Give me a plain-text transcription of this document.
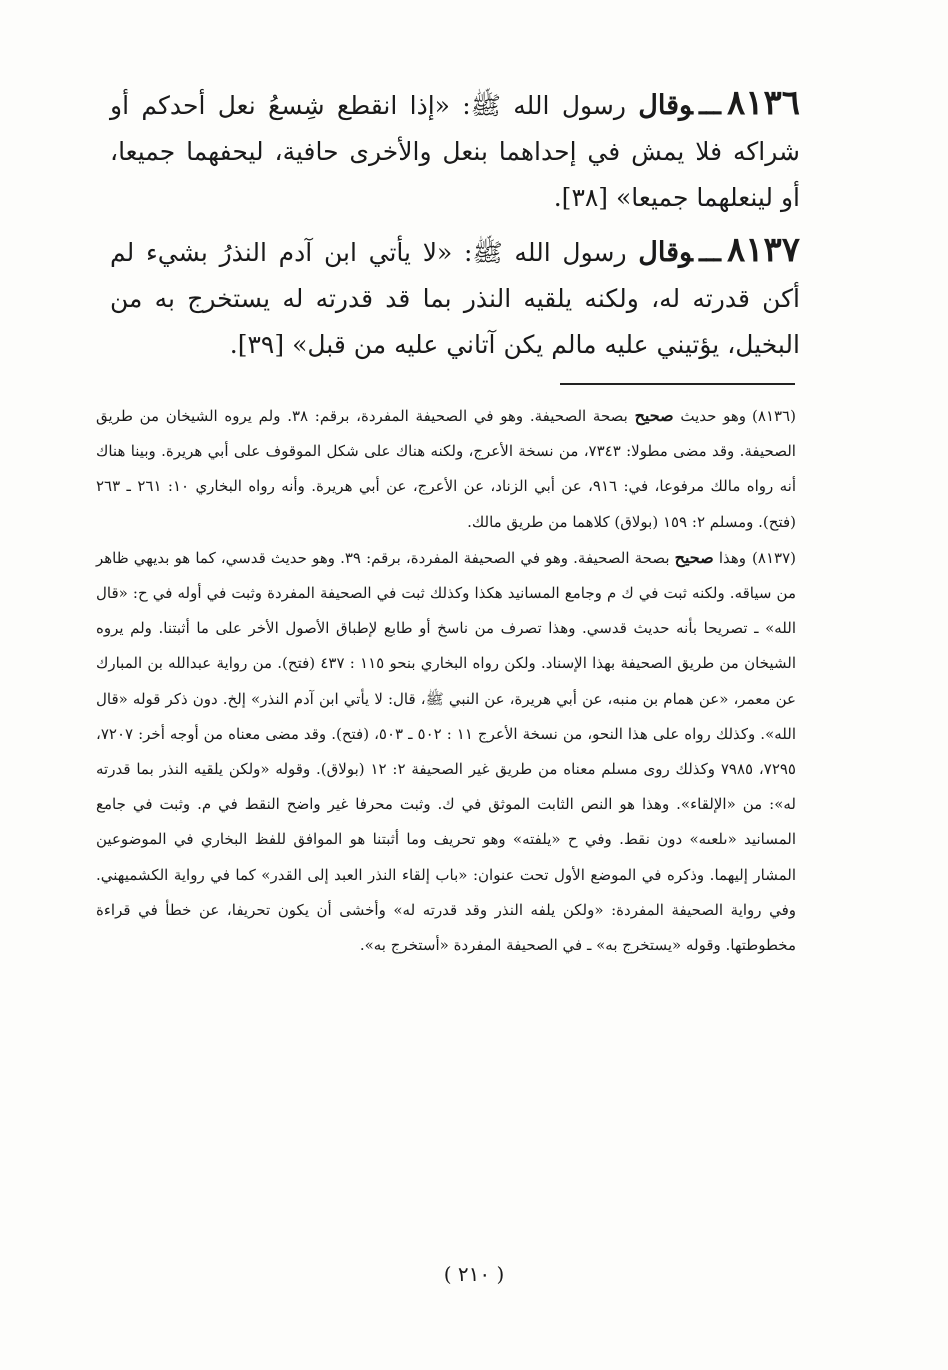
٨١٣٦ـــوقال رسول الله ﷺ: «إذا انقطع شِسعُ نعل أحدكم أو شراكه فلا يمش في إحداهما بنعل والأخرى حافية، ليحفهما جميعا، أو لينعلهما جميعا» [٣٨].

٨١٣٧ـــوقال رسول الله ﷺ: «لا يأتي ابن آدم النذرُ بشيء لم أكن قدرته له، ولكنه يلقيه النذر بما قد قدرته له يستخرج به من البخيل، يؤتيني عليه مالم يكن آتاني عليه من قبل» [٣٩].

(٨١٣٦)وهو حديث صحيح بصحة الصحيفة. وهو في الصحيفة المفردة، برقم: ٣٨. ولم يروه الشيخان من طريق الصحيفة. وقد مضى مطولا: ٧٣٤٣، من نسخة الأعرج، ولكنه هناك على شكل الموقوف على أبي هريرة. وبينا هناك أنه رواه مالك مرفوعا، في: ٩١٦، عن أبي الزناد، عن الأعرج، عن أبي هريرة. وأنه رواه البخاري ١٠: ٢٦١ ـ ٢٦٣ (فتح). ومسلم ٢: ١٥٩ (بولاق) كلاهما من طريق مالك.

(٨١٣٧)وهذا صحيح بصحة الصحيفة. وهو في الصحيفة المفردة، برقم: ٣٩. وهو حديث قدسي، كما هو بديهي ظاهر من سياقه. ولكنه ثبت في ك م وجامع المسانيد هكذا وكذلك ثبت في الصحيفة المفردة وثبت في أوله في ح: «قال الله» ـ تصريحا بأنه حديث قدسي. وهذا تصرف من ناسخ أو طابع لإطباق الأصول الأخر على ما أثبتنا. ولم يروه الشيخان من طريق الصحيفة بهذا الإسناد. ولكن رواه البخاري بنحو ١١٥ : ٤٣٧ (فتح). من رواية عبدالله بن المبارك عن معمر، «عن همام بن منبه، عن أبي هريرة، عن النبي ﷺ، قال: لا يأتي ابن آدم النذر» إلخ. دون ذكر قوله «قال الله». وكذلك رواه على هذا النحو، من نسخة الأعرج ١١ : ٥٠٢ ـ ٥٠٣، (فتح). وقد مضى معناه من أوجه أخر: ٧٢٠٧، ٧٢٩٥، ٧٩٨٥ وكذلك روى مسلم معناه من طريق غير الصحيفة ٢: ١٢ (بولاق). وقوله «ولكن يلقيه النذر بما قدرته له»: من «الإلقاء». وهذا هو النص الثابت الموثق في ك. وثبت محرفا غير واضح النقط في م. وثبت في جامع المسانيد «ىلعىه» دون نقط. وفي ح «يلفته» وهو تحريف وما أثبتنا هو الموافق للفظ البخاري في الموضوعين المشار إليهما. وذكره في الموضع الأول تحت عنوان: «باب إلقاء النذر العبد إلى القدر» كما في رواية الكشميهني. وفي رواية الصحيفة المفردة: «ولكن يلفه النذر وقد قدرته له» وأخشى أن يكون تحريفا، عن خطأ في قراءة مخطوطتها. وقوله «يستخرج به» ـ في الصحيفة المفردة «أستخرج به».

( ٢١٠ )
